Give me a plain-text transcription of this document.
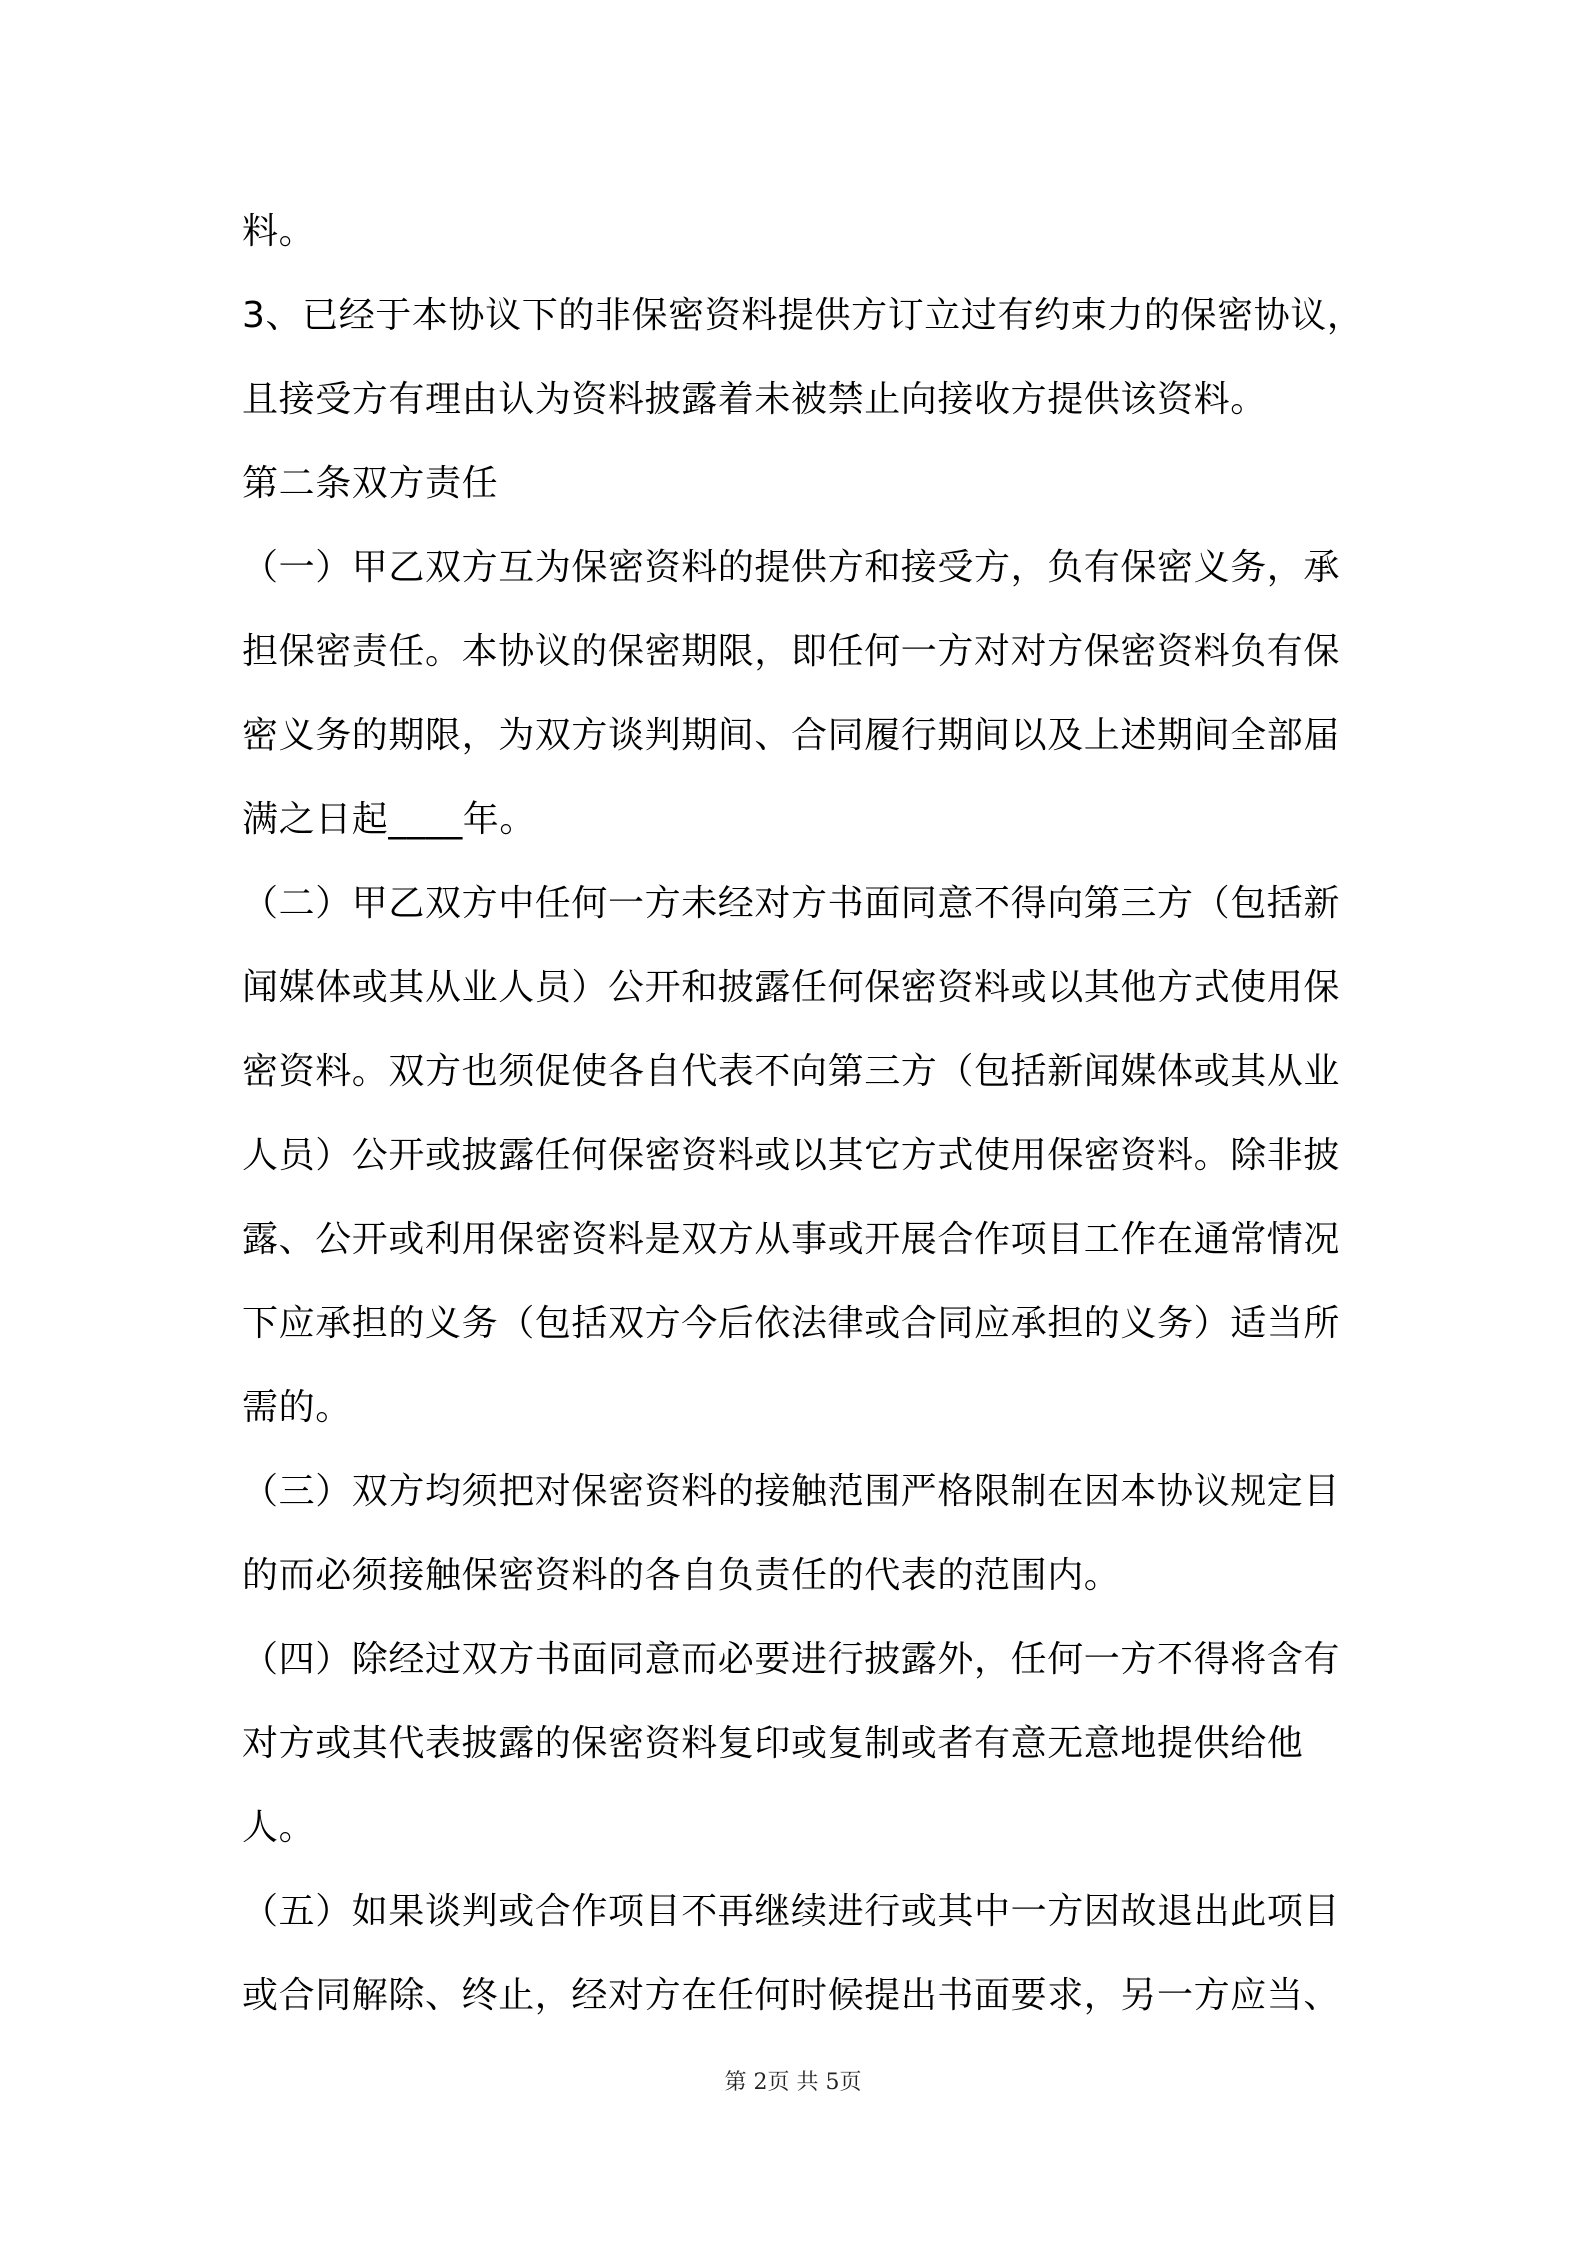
料。
3、已经于本协议下的非保密资料提供方订立过有约束力的保密协议，
且接受方有理由认为资料披露着未被禁止向接收方提供该资料。
第二条双方责任
（一）甲乙双方互为保密资料的提供方和接受方，负有保密义务，承
担保密责任。本协议的保密期限，即任何一方对对方保密资料负有保
密义务的期限，为双方谈判期间、合同履行期间以及上述期间全部届
满之日起____年。
（二）甲乙双方中任何一方未经对方书面同意不得向第三方（包括新
闻媒体或其从业人员）公开和披露任何保密资料或以其他方式使用保
密资料。双方也须促使各自代表不向第三方（包括新闻媒体或其从业
人员）公开或披露任何保密资料或以其它方式使用保密资料。除非披
露、公开或利用保密资料是双方从事或开展合作项目工作在通常情况
下应承担的义务（包括双方今后依法律或合同应承担的义务）适当所
需的。
（三）双方均须把对保密资料的接触范围严格限制在因本协议规定目
的而必须接触保密资料的各自负责任的代表的范围内。
（四）除经过双方书面同意而必要进行披露外，任何一方不得将含有
对方或其代表披露的保密资料复印或复制或者有意无意地提供给他
人。
（五）如果谈判或合作项目不再继续进行或其中一方因故退出此项目
或合同解除、终止，经对方在任何时候提出书面要求，另一方应当、
第 2页 共 5页
